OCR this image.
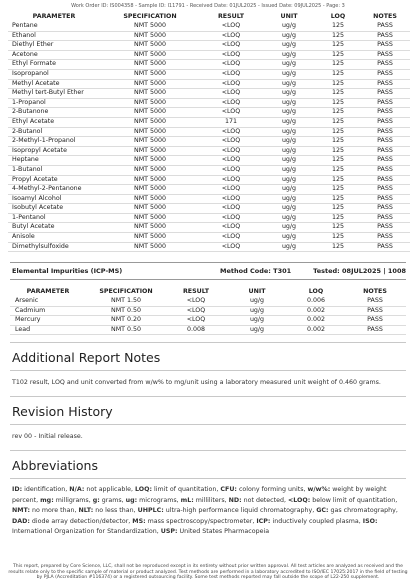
Work Order ID: IS004358 - Sample ID: I11791 - Received Date: 01JUL2025 - Issued Date: 09JUL2025 - Page: 3
PARAMETER	SPECIFICATION	RESULT	UNIT	LOQ	NOTES
Pentane	NMT 5000	<LOQ	ug/g	125	PASS
Ethanol	NMT 5000	<LOQ	ug/g	125	PASS
Diethyl Ether	NMT 5000	<LOQ	ug/g	125	PASS
Acetone	NMT 5000	<LOQ	ug/g	125	PASS
Ethyl Formate	NMT 5000	<LOQ	ug/g	125	PASS
Isopropanol	NMT 5000	<LOQ	ug/g	125	PASS
Methyl Acetate	NMT 5000	<LOQ	ug/g	125	PASS
Methyl tert-Butyl Ether	NMT 5000	<LOQ	ug/g	125	PASS
1-Propanol	NMT 5000	<LOQ	ug/g	125	PASS
2-Butanone	NMT 5000	<LOQ	ug/g	125	PASS
Ethyl Acetate	NMT 5000	171	ug/g	125	PASS
2-Butanol	NMT 5000	<LOQ	ug/g	125	PASS
2-Methyl-1-Propanol	NMT 5000	<LOQ	ug/g	125	PASS
Isopropyl Acetate	NMT 5000	<LOQ	ug/g	125	PASS
Heptane	NMT 5000	<LOQ	ug/g	125	PASS
1-Butanol	NMT 5000	<LOQ	ug/g	125	PASS
Propyl Acetate	NMT 5000	<LOQ	ug/g	125	PASS
4-Methyl-2-Pentanone	NMT 5000	<LOQ	ug/g	125	PASS
Isoamyl Alcohol	NMT 5000	<LOQ	ug/g	125	PASS
Isobutyl Acetate	NMT 5000	<LOQ	ug/g	125	PASS
1-Pentanol	NMT 5000	<LOQ	ug/g	125	PASS
Butyl Acetate	NMT 5000	<LOQ	ug/g	125	PASS
Anisole	NMT 5000	<LOQ	ug/g	125	PASS
Dimethylsulfoxide	NMT 5000	<LOQ	ug/g	125	PASS
Elemental Impurities (ICP-MS)	Method Code: T301	Tested: 08JUL2025 | 1008
PARAMETER	SPECIFICATION	RESULT	UNIT	LOQ	NOTES
Arsenic	NMT 1.50	<LOQ	ug/g	0.006	PASS
Cadmium	NMT 0.50	<LOQ	ug/g	0.002	PASS
Mercury	NMT 0.20	<LOQ	ug/g	0.002	PASS
Lead	NMT 0.50	0.008	ug/g	0.002	PASS
Additional Report Notes

T102 result, LOQ and unit converted from w/w% to mg/unit using a laboratory measured unit weight of 0.460 grams.

Revision History

rev 00 - Initial release.

Abbreviations

ID: identification, N/A: not applicable, LOQ: limit of quantitation, CFU: colony forming units, w/w%: weight by weight percent, mg: milligrams, g: grams, ug: micrograms, mL: milliliters, ND: not detected, <LOQ: below limit of quantitation, NMT: no more than, NLT: no less than, UHPLC: ultra-high performance liquid chromatography, GC: gas chromatography, DAD: diode array detection/detector, MS: mass spectroscopy/spectrometer, ICP: inductively coupled plasma, ISO: International Organization for Standardization, USP: United States Pharmacopeia

This report, prepared by Core Science, LLC, shall not be reproduced except in its entirety without prior written approval. All test articles are analyzed as received and the results relate only to the specific sample of material or product analyzed. Test methods are performed in a laboratory accredited to ISO/IEC 17025:2017 in the field of testing by PJLA (Accreditation #116374) or a registered outsourcing facility. Some test methods reported may fall outside the scope of L22-250 supplement.
